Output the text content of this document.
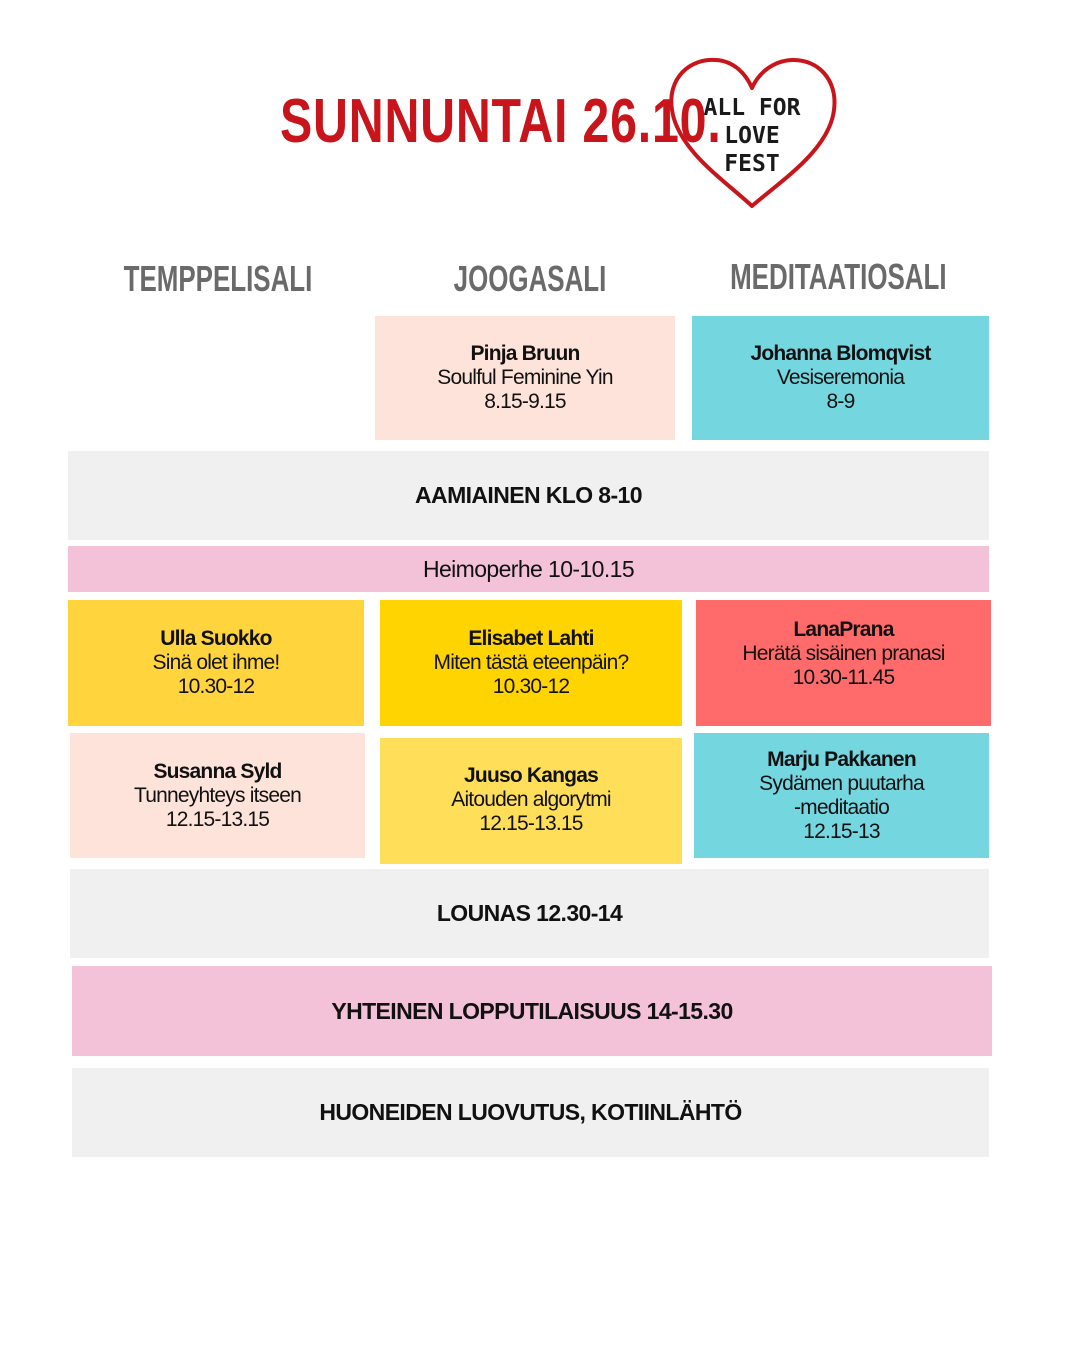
SUNNUNTAI 26.10.
ALL FOR
LOVE
FEST
TEMPPELISALI	JOOGASALI	MEDITAATIOSALI
Pinja Bruun
Soulful Feminine Yin
8.15-9.15
Johanna Blomqvist
Vesiseremonia
8-9
AAMIAINEN KLO 8-10
Heimoperhe 10-10.15
Ulla Suokko
Sinä olet ihme!
10.30-12
Elisabet Lahti
Miten tästä eteenpäin?
10.30-12
LanaPrana
Herätä sisäinen pranasi
10.30-11.45
Susanna Syld
Tunneyhteys itseen
12.15-13.15
Juuso Kangas
Aitouden algorytmi
12.15-13.15
Marju Pakkanen
Sydämen puutarha
-meditaatio
12.15-13
LOUNAS 12.30-14
YHTEINEN LOPPUTILAISUUS 14-15.30
HUONEIDEN LUOVUTUS, KOTIINLÄHTÖ
